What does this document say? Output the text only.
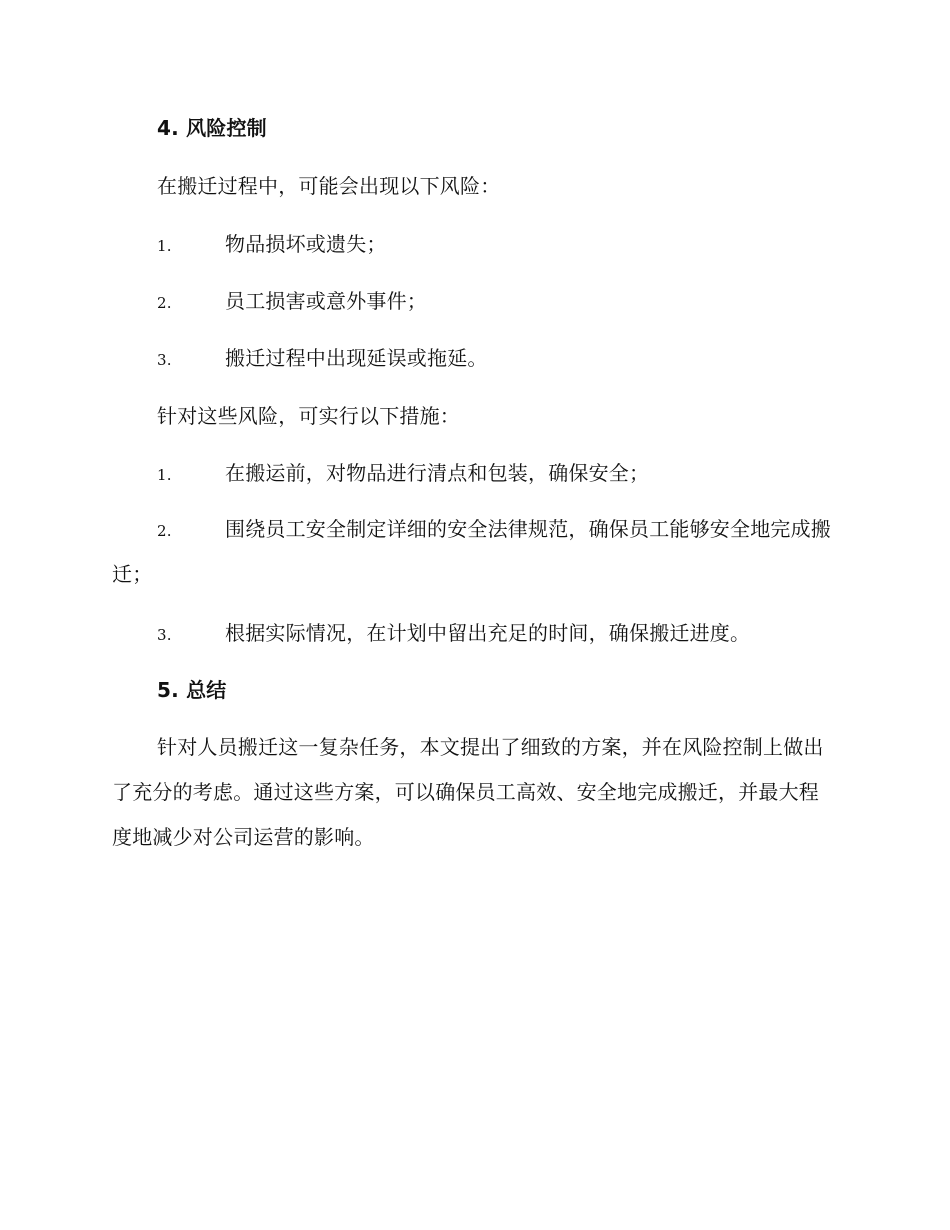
4. 风险控制
在搬迁过程中，可能会出现以下风险：
1.	物品损坏或遗失；
2.	员工损害或意外事件；
3.	搬迁过程中出现延误或拖延。
针对这些风险，可实行以下措施：
1.	在搬运前，对物品进行清点和包装，确保安全；
2.	围绕员工安全制定详细的安全法律规范，确保员工能够安全地完成搬迁；
3.	根据实际情况，在计划中留出充足的时间，确保搬迁进度。
5. 总结
针对人员搬迁这一复杂任务，本文提出了细致的方案，并在风险控制上做出了充分的考虑。通过这些方案，可以确保员工高效、安全地完成搬迁，并最大程度地减少对公司运营的影响。
